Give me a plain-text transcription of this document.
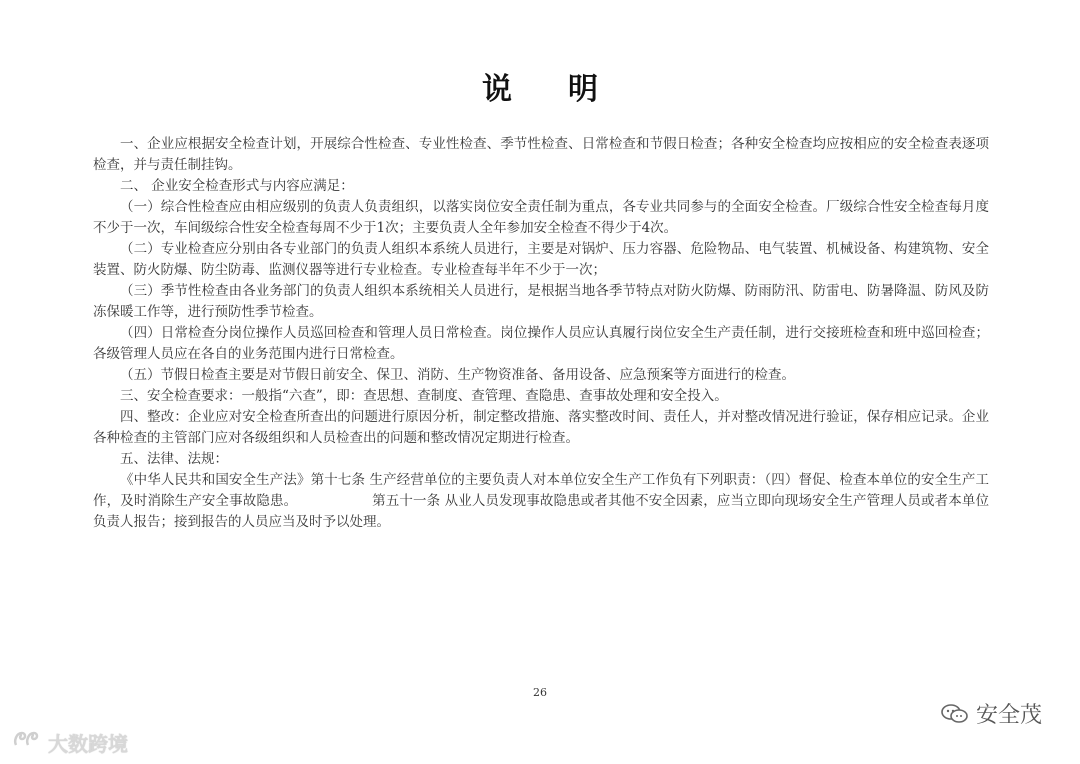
说明

一、企业应根据安全检查计划，开展综合性检查、专业性检查、季节性检查、日常检查和节假日检查；各种安全检查均应按相应的安全检查表逐项检查，并与责任制挂钩。

二、 企业安全检查形式与内容应满足：

（一）综合性检查应由相应级别的负责人负责组织，以落实岗位安全责任制为重点，各专业共同参与的全面安全检查。厂级综合性安全检查每月度不少于一次，车间级综合性安全检查每周不少于1次；主要负责人全年参加安全检查不得少于4次。

（二）专业检查应分别由各专业部门的负责人组织本系统人员进行，主要是对锅炉、压力容器、危险物品、电气装置、机械设备、构建筑物、安全装置、防火防爆、防尘防毒、监测仪器等进行专业检查。专业检查每半年不少于一次；

（三）季节性检查由各业务部门的负责人组织本系统相关人员进行，是根据当地各季节特点对防火防爆、防雨防汛、防雷电、防暑降温、防风及防冻保暖工作等，进行预防性季节检查。

（四）日常检查分岗位操作人员巡回检查和管理人员日常检查。岗位操作人员应认真履行岗位安全生产责任制，进行交接班检查和班中巡回检查；各级管理人员应在各自的业务范围内进行日常检查。

（五）节假日检查主要是对节假日前安全、保卫、消防、生产物资准备、备用设备、应急预案等方面进行的检查。

三、安全检查要求：一般指“六查”，即：查思想、查制度、查管理、查隐患、查事故处理和安全投入。

四、整改：企业应对安全检查所查出的问题进行原因分析，制定整改措施、落实整改时间、责任人，并对整改情况进行验证，保存相应记录。企业各种检查的主管部门应对各级组织和人员检查出的问题和整改情况定期进行检查。

五、法律、法规：

《中华人民共和国安全生产法》第十七条 生产经营单位的主要负责人对本单位安全生产工作负有下列职责：（四）督促、检查本单位的安全生产工作，及时消除生产安全事故隐患。　　　　　　第五十一条 从业人员发现事故隐患或者其他不安全因素，应当立即向现场安全生产管理人员或者本单位负责人报告；接到报告的人员应当及时予以处理。

26
大数跨境
安全茂
